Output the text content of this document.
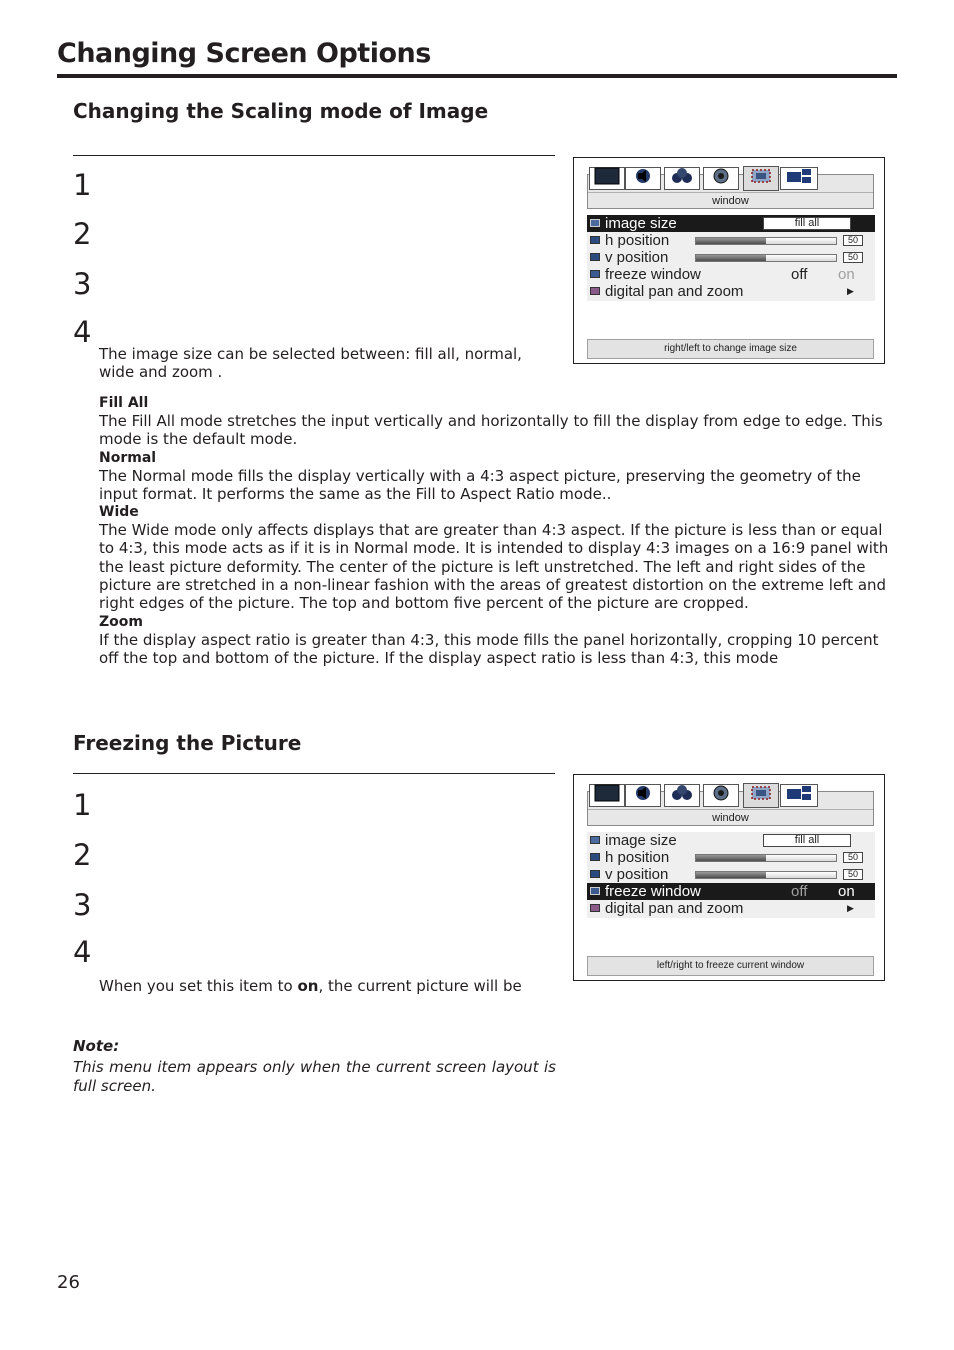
Changing Screen Options
Changing the Scaling mode of Image
1
2
3
4
The image size can be selected between: fill all, normal, wide and zoom .
Fill All
The Fill All mode stretches the input vertically and horizontally to fill the display from edge to edge. This mode is the default mode.
Normal
The Normal mode fills the display vertically with a 4:3 aspect picture, preserving the geometry of the input format. It performs the same as the Fill to Aspect Ratio mode..
Wide
The Wide mode only affects displays that are greater than 4:3 aspect. If the picture is less than or equal to 4:3, this mode acts as if it is in Normal mode. It is intended to display 4:3 images on a 16:9 panel with the least picture deformity. The center of the picture is left unstretched. The left and right sides of the picture are stretched in a non-linear fashion with the areas of greatest distortion on the extreme left and right edges of the picture. The top and bottom five percent of the picture are cropped.
Zoom
If the display aspect ratio is greater than 4:3, this mode fills the panel horizontally, cropping 10 percent off the top and bottom of the picture. If the display aspect ratio is less than 4:3, this mode
window
image size	fill all
h position	50
v position	50
freeze window	off on
digital pan and zoom	▶
right/left to change image size
Freezing the Picture
1
2
3
4
When you set this item to on, the current picture will be
Note:
This menu item appears only when the current screen layout is full screen.
window
image size	fill all
h position	50
v position	50
freeze window	off on
digital pan and zoom	▶
left/right to freeze current window
26
